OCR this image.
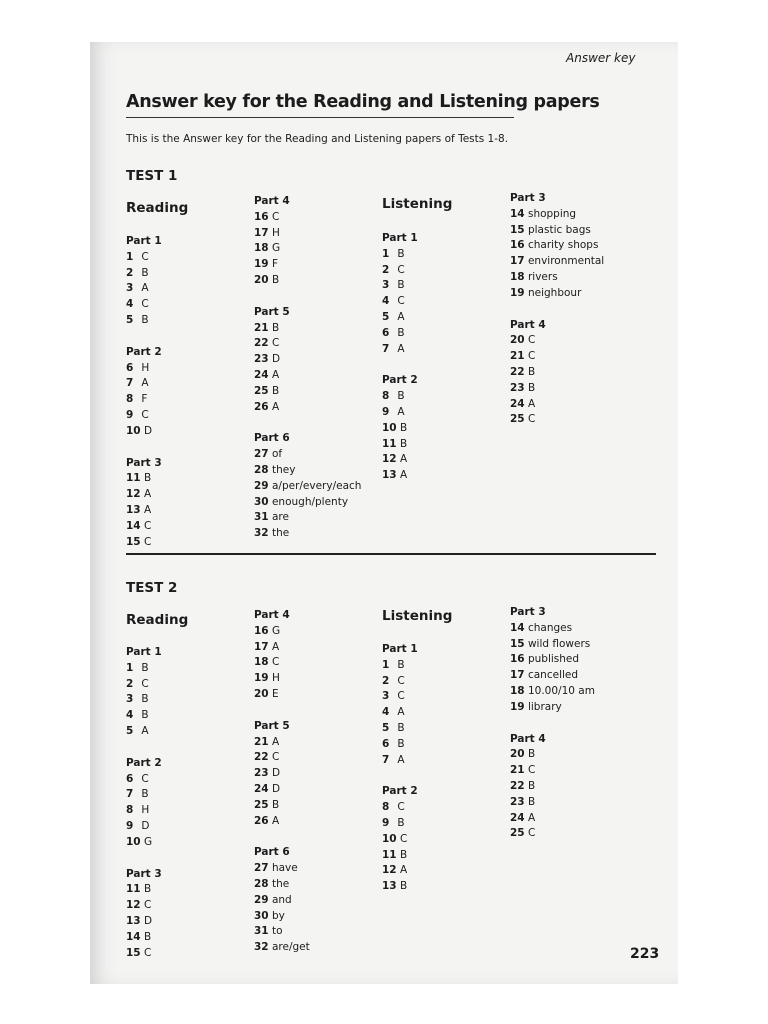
Answer key
Answer key for the Reading and Listening papers
This is the Answer key for the Reading and Listening papers of Tests 1-8.
TEST 1
Reading	Listening
Part 1
1 C
2 B
3 A
4 C
5 B
Part 2
6 H
7 A
8 F
9 C
10 D
Part 3
11 B
12 A
13 A
14 C
15 C
Part 4
16 C
17 H
18 G
19 F
20 B
Part 5
21 B
22 C
23 D
24 A
25 B
26 A
Part 6
27 of
28 they
29 a/per/every/each
30 enough/plenty
31 are
32 the
Part 1
1 B
2 C
3 B
4 C
5 A
6 B
7 A
Part 2
8 B
9 A
10 B
11 B
12 A
13 A
Part 3
14 shopping
15 plastic bags
16 charity shops
17 environmental
18 rivers
19 neighbour
Part 4
20 C
21 C
22 B
23 B
24 A
25 C
TEST 2
Reading	Listening
Part 1
1 B
2 C
3 B
4 B
5 A
Part 2
6 C
7 B
8 H
9 D
10 G
Part 3
11 B
12 C
13 D
14 B
15 C
Part 4
16 G
17 A
18 C
19 H
20 E
Part 5
21 A
22 C
23 D
24 D
25 B
26 A
Part 6
27 have
28 the
29 and
30 by
31 to
32 are/get
Part 1
1 B
2 C
3 C
4 A
5 B
6 B
7 A
Part 2
8 C
9 B
10 C
11 B
12 A
13 B
Part 3
14 changes
15 wild flowers
16 published
17 cancelled
18 10.00/10 am
19 library
Part 4
20 B
21 C
22 B
23 B
24 A
25 C
223
